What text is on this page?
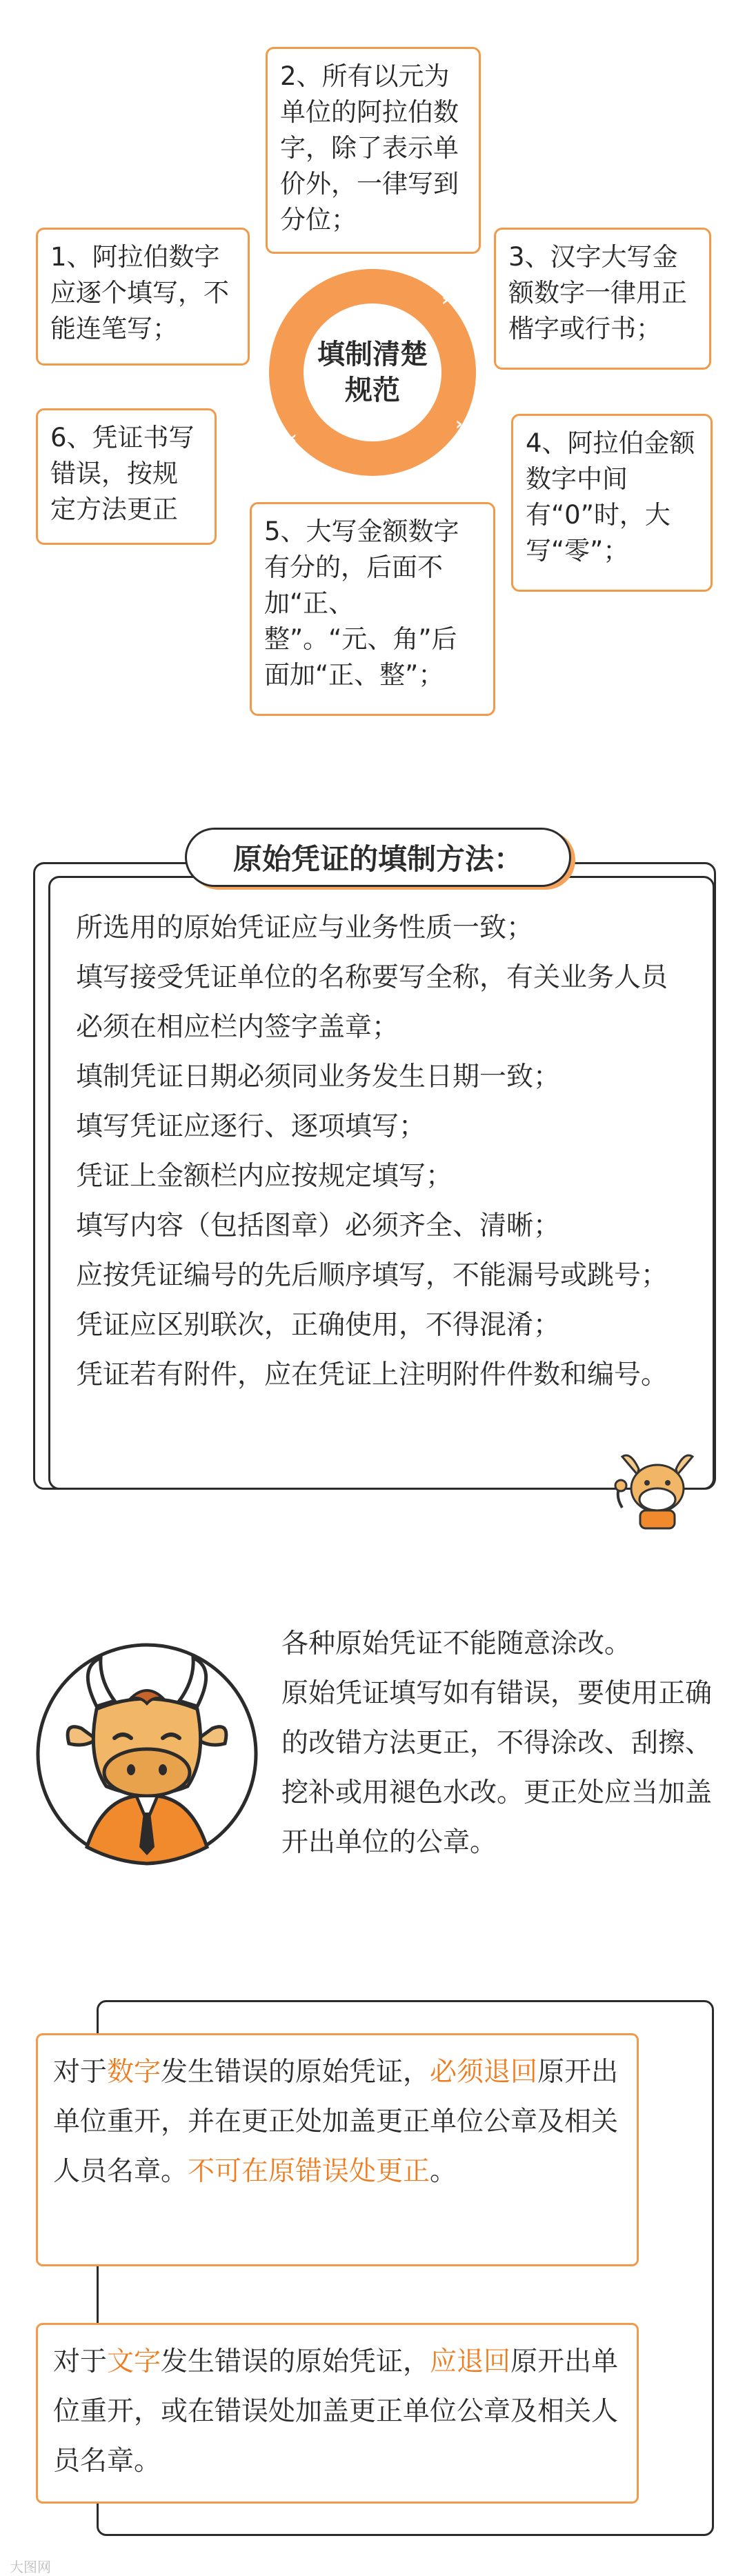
2、所有以元为单位的阿拉伯数字，除了表示单价外，一律写到分位；
1、阿拉伯数字应逐个填写，不能连笔写；
3、汉字大写金额数字一律用正楷字或行书；
6、凭证书写错误，按规定方法更正
4、阿拉伯金额数字中间有“0”时，大写“零”；
5、大写金额数字有分的，后面不加“正、整”。“元、角”后面加“正、整”；
›
›
‹
‹
填制清楚规范
原始凭证的填制方法：
所选用的原始凭证应与业务性质一致；
填写接受凭证单位的名称要写全称，有关业务人员必须在相应栏内签字盖章；
填制凭证日期必须同业务发生日期一致；
填写凭证应逐行、逐项填写；
凭证上金额栏内应按规定填写；
填写内容（包括图章）必须齐全、清晰；
应按凭证编号的先后顺序填写，不能漏号或跳号；
凭证应区别联次，正确使用，不得混淆；
凭证若有附件，应在凭证上注明附件件数和编号。
各种原始凭证不能随意涂改。
原始凭证填写如有错误，要使用正确的改错方法更正，不得涂改、刮擦、挖补或用褪色水改。更正处应当加盖开出单位的公章。
对于数字发生错误的原始凭证，必须退回原开出单位重开，并在更正处加盖更正单位公章及相关人员名章。不可在原错误处更正。
对于文字发生错误的原始凭证，应退回原开出单位重开，或在错误处加盖更正单位公章及相关人员名章。
大图网
